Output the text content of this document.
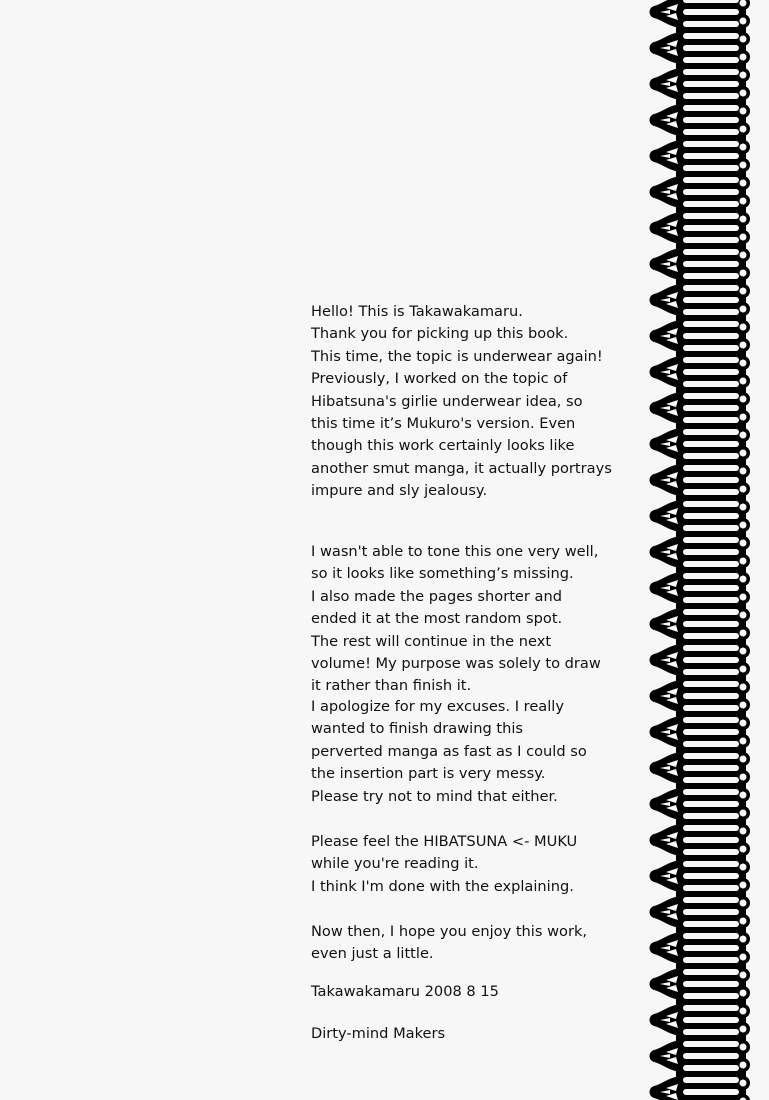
Hello! This is Takawakamaru.
Thank you for picking up this book.
This time, the topic is underwear again!
Previously, I worked on the topic of
Hibatsuna's girlie underwear idea, so
this time it’s Mukuro's version. Even
though this work certainly looks like
another smut manga, it actually portrays
impure and sly jealousy.
I wasn't able to tone this one very well,
so it looks like something’s missing.
I also made the pages shorter and
ended it at the most random spot.
The rest will continue in the next
volume! My purpose was solely to draw
it rather than finish it.
I apologize for my excuses. I really
wanted to finish drawing this
perverted manga as fast as I could so
the insertion part is very messy.
Please try not to mind that either.
Please feel the HIBATSUNA <- MUKU
while you're reading it.
I think I'm done with the explaining.
Now then, I hope you enjoy this work,
even just a little.
Takawakamaru 2008 8 15
Dirty-mind Makers
